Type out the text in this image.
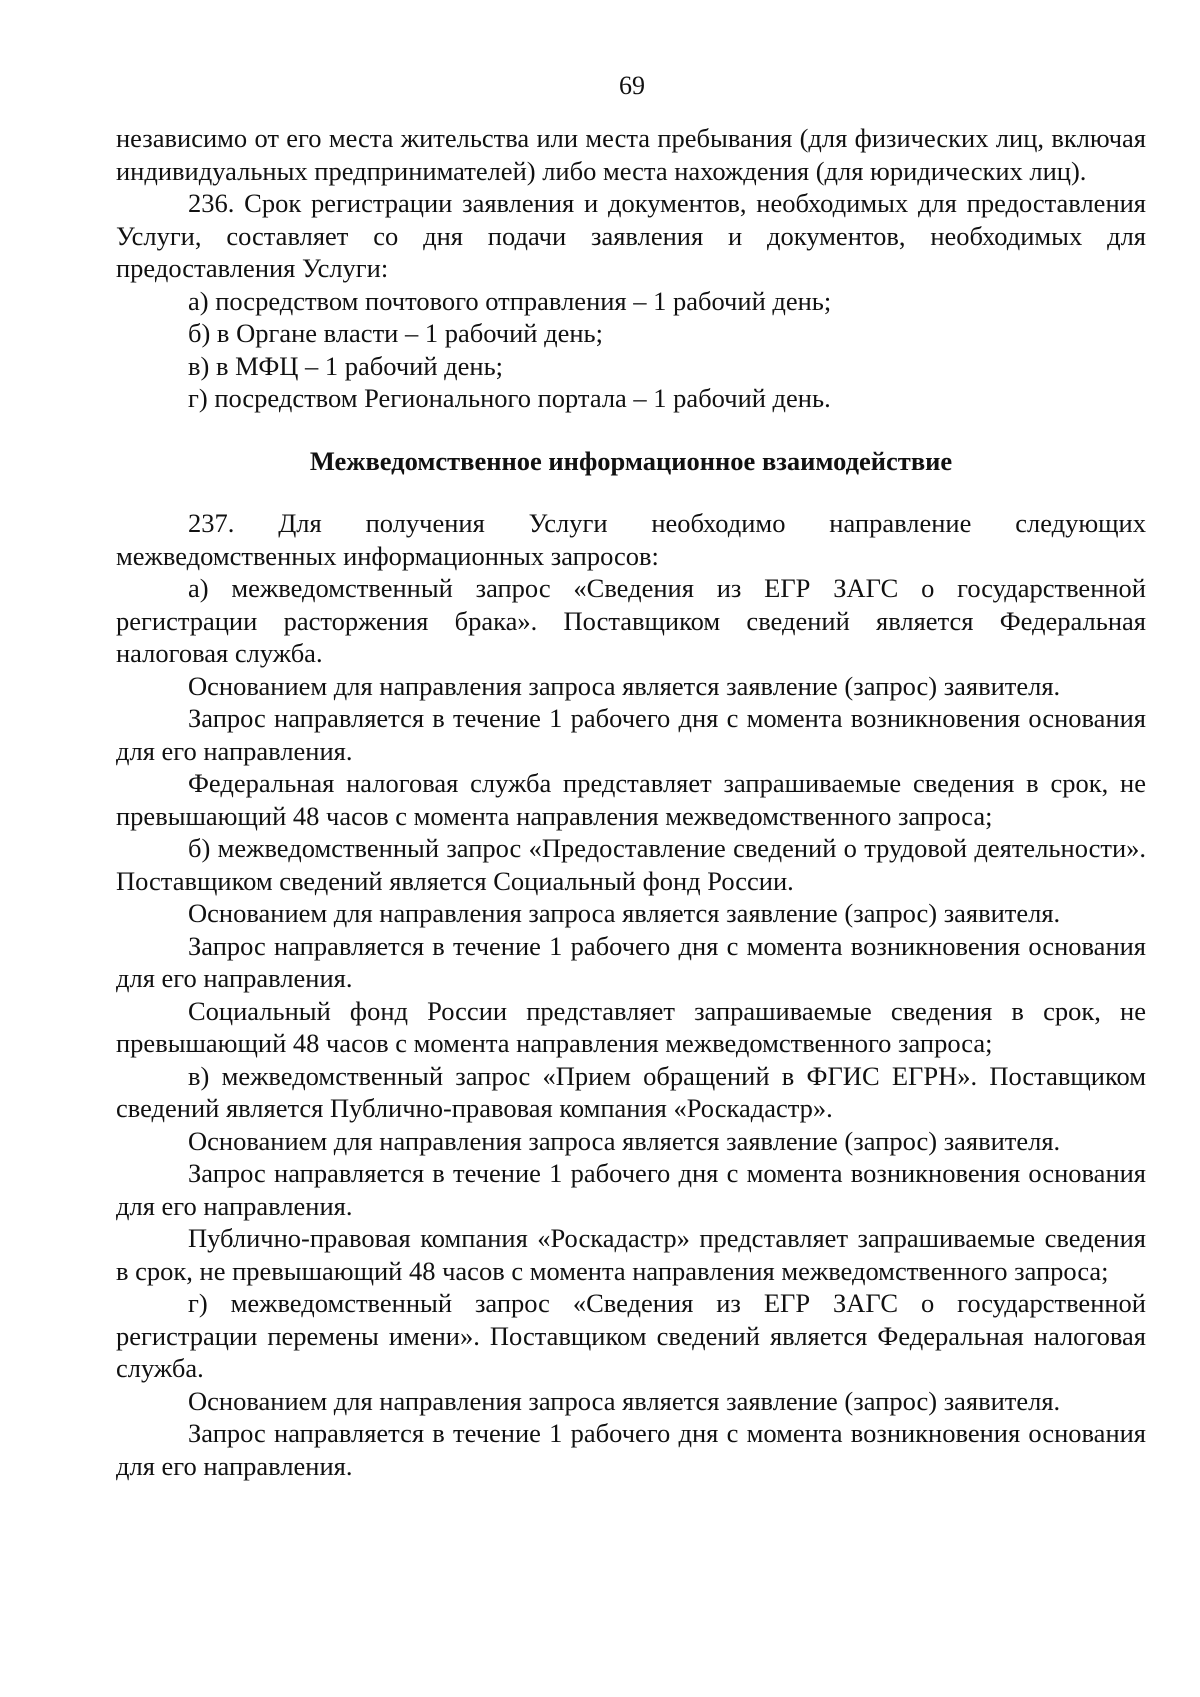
69

независимо от его места жительства или места пребывания (для физических лиц, включая индивидуальных предпринимателей) либо места нахождения (для юридических лиц).

236. Срок регистрации заявления и документов, необходимых для предоставления Услуги, составляет со дня подачи заявления и документов, необходимых для предоставления Услуги:

а) посредством почтового отправления – 1 рабочий день;

б) в Органе власти – 1 рабочий день;

в) в МФЦ – 1 рабочий день;

г) посредством Регионального портала – 1 рабочий день.

Межведомственное информационное взаимодействие

237. Для получения Услуги необходимо направление следующих межведомственных информационных запросов:

а) межведомственный запрос «Сведения из ЕГР ЗАГС о государственной регистрации расторжения брака». Поставщиком сведений является Федеральная налоговая служба.

Основанием для направления запроса является заявление (запрос) заявителя.

Запрос направляется в течение 1 рабочего дня с момента возникновения основания для его направления.

Федеральная налоговая служба представляет запрашиваемые сведения в срок, не превышающий 48 часов с момента направления межведомственного запроса;

б) межведомственный запрос «Предоставление сведений о трудовой деятельности». Поставщиком сведений является Социальный фонд России.

Основанием для направления запроса является заявление (запрос) заявителя.

Запрос направляется в течение 1 рабочего дня с момента возникновения основания для его направления.

Социальный фонд России представляет запрашиваемые сведения в срок, не превышающий 48 часов с момента направления межведомственного запроса;

в) межведомственный запрос «Прием обращений в ФГИС ЕГРН». Поставщиком сведений является Публично-правовая компания «Роскадастр».

Основанием для направления запроса является заявление (запрос) заявителя.

Запрос направляется в течение 1 рабочего дня с момента возникновения основания для его направления.

Публично-правовая компания «Роскадастр» представляет запрашиваемые сведения в срок, не превышающий 48 часов с момента направления межведомственного запроса;

г) межведомственный запрос «Сведения из ЕГР ЗАГС о государственной регистрации перемены имени». Поставщиком сведений является Федеральная налоговая служба.

Основанием для направления запроса является заявление (запрос) заявителя.

Запрос направляется в течение 1 рабочего дня с момента возникновения основания для его направления.
